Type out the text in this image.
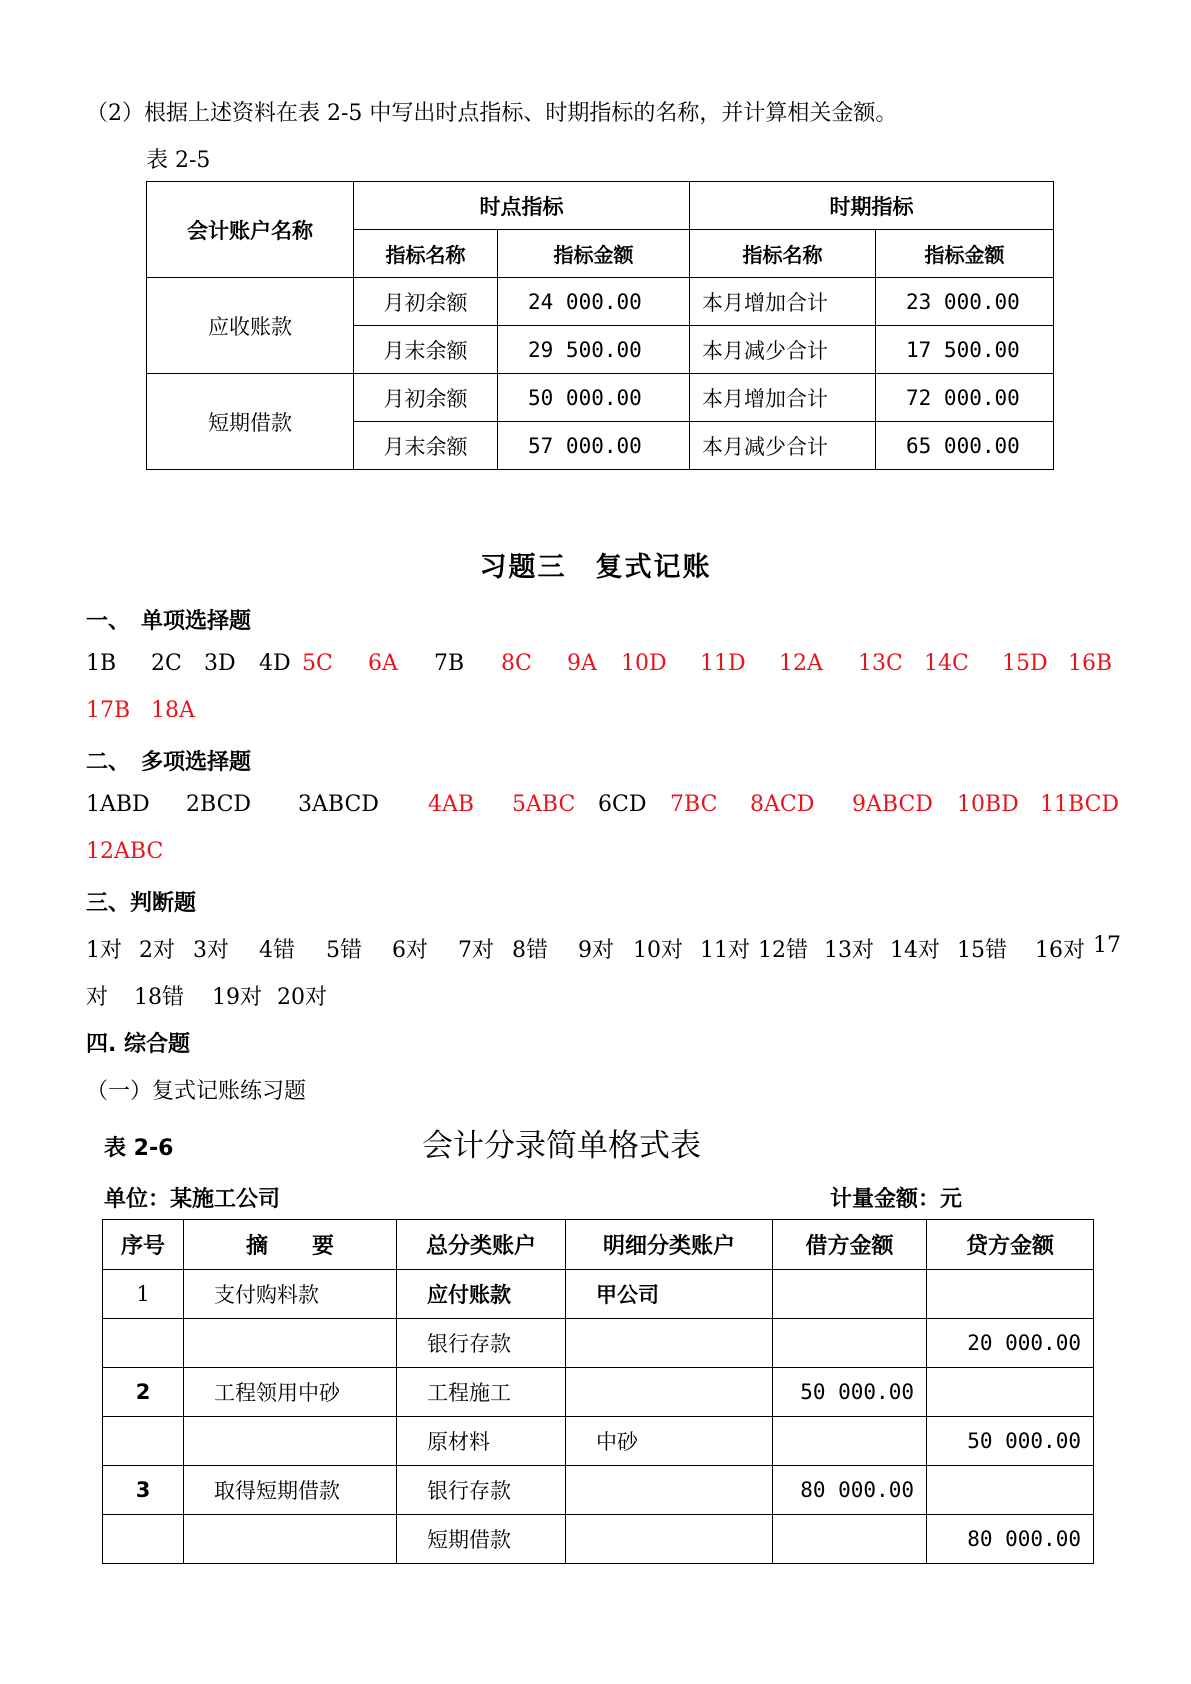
（2）根据上述资料在表 2-5 中写出时点指标、时期指标的名称，并计算相关金额。
表 2-5
会计账户名称	时点指标		时期指标	
	指标名称	指标金额	指标名称	指标金额
应收账款	月初余额	24 000.00	本月增加合计	23 000.00
	月末余额	29 500.00	本月减少合计	17 500.00
短期借款	月初余额	50 000.00	本月增加合计	72 000.00
	月末余额	57 000.00	本月减少合计	65 000.00
习题三　复式记账
一、　单项选择题
1B 2C 3D 4D 5C 6A 7B 8C 9A 10D 11D 12A 13C 14C 15D 16B
17B 18A
二、　多项选择题
1ABD 2BCD 3ABCD 4AB 5ABC 6CD 7BC 8ACD 9ABCD 10BD 11BCD
12ABC
三、判断题
1对 2对 3对 4错 5错 6对 7对 8错 9对 10对 11对 12错 13对 14对 15错 16对 17
对 18错 19对 20对
四. 综合题
（一）复式记账练习题
表 2-6	会计分录简单格式表
单位：某施工公司	计量金额：元
序号	摘　　要	总分类账户	明细分类账户	借方金额	贷方金额
1	支付购料款	应付账款	甲公司		
		银行存款			20 000.00
2	工程领用中砂	工程施工		50 000.00	
		原材料	中砂		50 000.00
3	取得短期借款	银行存款		80 000.00	
		短期借款			80 000.00
